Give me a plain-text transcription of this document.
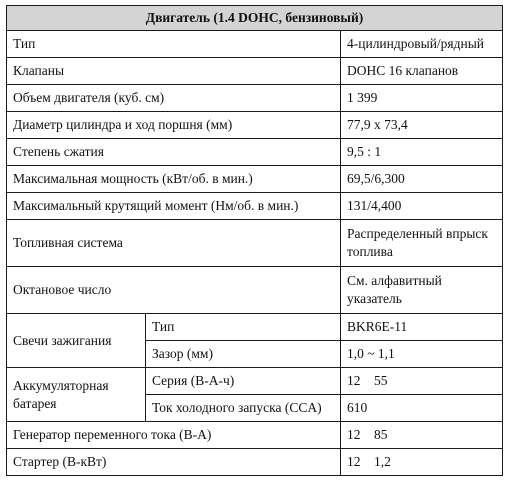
Двигатель (1.4 DOHC, бензиновый)		
Тип		4-цилиндровый/рядный
Клапаны		DOHC 16 клапанов
Объем двигателя (куб. см)		1 399
Диаметр цилиндра и ход поршня (мм)		77,9 x 73,4
Степень сжатия		9,5 : 1
Максимальная мощность (кВт/об. в мин.)		69,5/6,300
Максимальный крутящий момент (Нм/об. в мин.)		131/4,400
Топливная система		Распределенный впрыск топлива
Октановое число		См. алфавитный указатель
Свечи зажигания	Тип	BKR6E-11
	Зазор (мм)	1,0 ~ 1,1
Аккумуляторная батарея	Серия (В-А-ч)	12    55
	Ток холодного запуска (CCA)	610
Генератор переменного тока (В-А)		12    85
Стартер (В-кВт)		12    1,2
